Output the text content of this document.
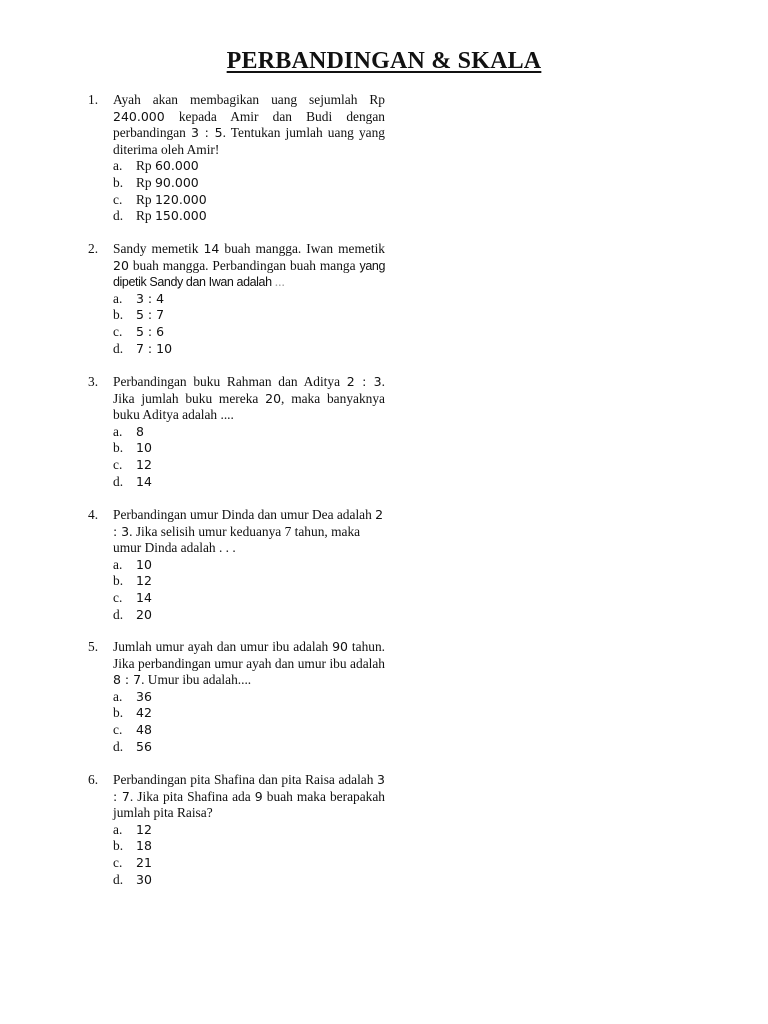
PERBANDINGAN & SKALA
1. Ayah akan membagikan uang sejumlah Rp 240.000 kepada Amir dan Budi dengan perbandingan 3 : 5. Tentukan jumlah uang yang diterima oleh Amir!
a. Rp 60.000
b. Rp 90.000
c. Rp 120.000
d. Rp 150.000
2. Sandy memetik 14 buah mangga. Iwan memetik 20 buah mangga. Perbandingan buah manga yang dipetik Sandy dan Iwan adalah ...
a. 3 : 4
b. 5 : 7
c. 5 : 6
d. 7 : 10
3. Perbandingan buku Rahman dan Aditya 2 : 3. Jika jumlah buku mereka 20, maka banyaknya buku Aditya adalah ....
a. 8
b. 10
c. 12
d. 14
4. Perbandingan umur Dinda dan umur Dea adalah 2 : 3. Jika selisih umur keduanya 7 tahun, maka umur Dinda adalah . . .
a. 10
b. 12
c. 14
d. 20
5. Jumlah umur ayah dan umur ibu adalah 90 tahun. Jika perbandingan umur ayah dan umur ibu adalah 8 : 7. Umur ibu adalah....
a. 36
b. 42
c. 48
d. 56
6. Perbandingan pita Shafina dan pita Raisa adalah 3 : 7. Jika pita Shafina ada 9 buah maka berapakah jumlah pita Raisa?
a. 12
b. 18
c. 21
d. 30
